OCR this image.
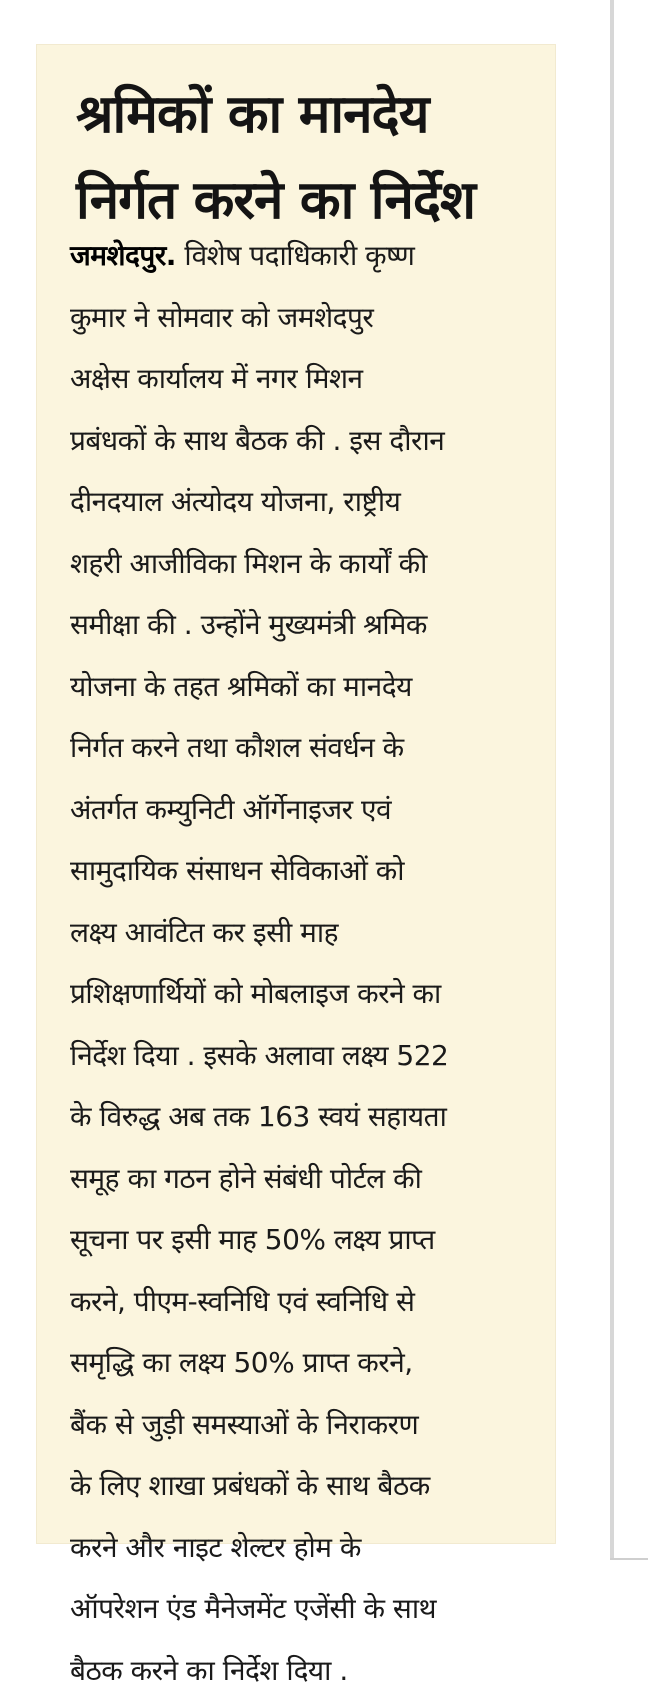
श्रमिकों का मानदेय
निर्गत करने का निर्देश
जमशेदपुर. विशेष पदाधिकारी कृष्ण
कुमार ने सोमवार को जमशेदपुर
अक्षेस कार्यालय में नगर मिशन
प्रबंधकों के साथ बैठक की . इस दौरान
दीनदयाल अंत्योदय योजना, राष्ट्रीय
शहरी आजीविका मिशन के कार्यों की
समीक्षा की . उन्होंने मुख्यमंत्री श्रमिक
योजना के तहत श्रमिकों का मानदेय
निर्गत करने तथा कौशल संवर्धन के
अंतर्गत कम्युनिटी ऑर्गेनाइजर एवं
सामुदायिक संसाधन सेविकाओं को
लक्ष्य आवंटित कर इसी माह
प्रशिक्षणार्थियों को मोबलाइज करने का
निर्देश दिया . इसके अलावा लक्ष्य 522
के विरुद्ध अब तक 163 स्वयं सहायता
समूह का गठन होने संबंधी पोर्टल की
सूचना पर इसी माह 50% लक्ष्य प्राप्त
करने, पीएम-स्वनिधि एवं स्वनिधि से
समृद्धि का लक्ष्य 50% प्राप्त करने,
बैंक से जुड़ी समस्याओं के निराकरण
के लिए शाखा प्रबंधकों के साथ बैठक
करने और नाइट शेल्टर होम के
ऑपरेशन एंड मैनेजमेंट एजेंसी के साथ
बैठक करने का निर्देश दिया .
